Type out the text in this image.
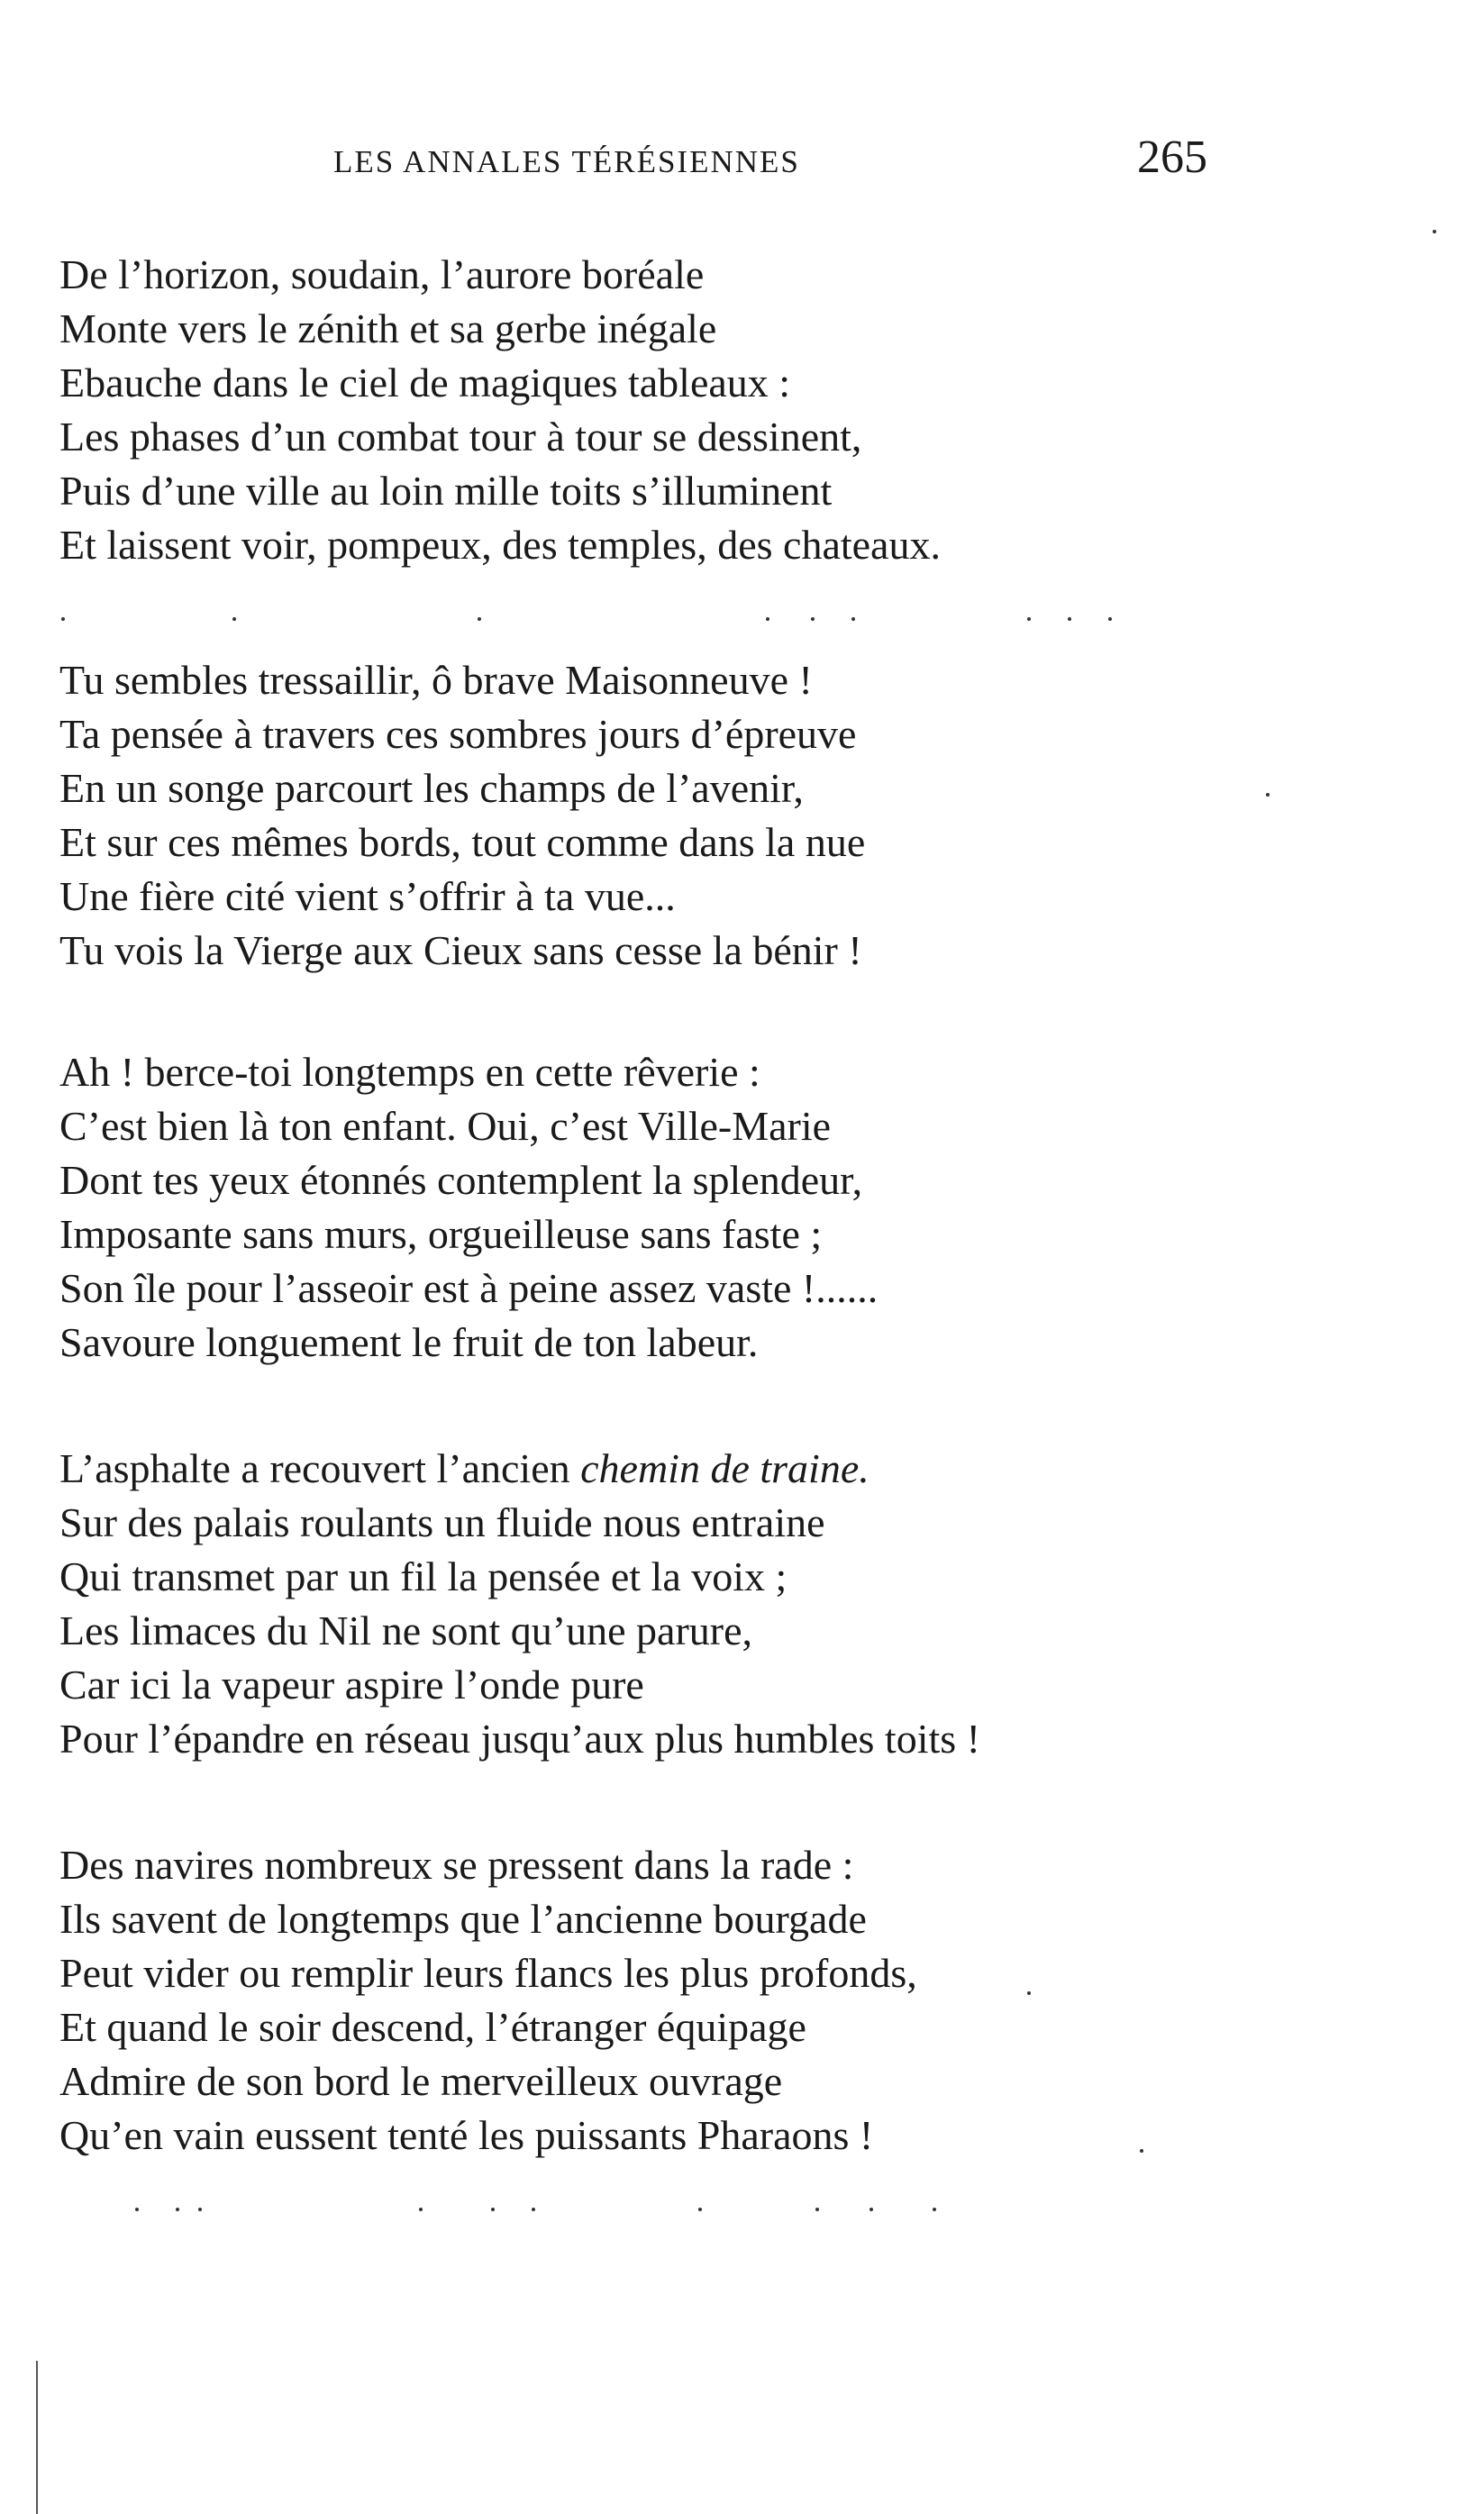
LES ANNALES TÉRÉSIENNES	265
De l’horizon, soudain, l’aurore boréale
Monte vers le zénith et sa gerbe inégale
Ebauche dans le ciel de magiques tableaux :
Les phases d’un combat tour à tour se dessinent,
Puis d’une ville au loin mille toits s’illuminent
Et laissent voir, pompeux, des temples, des chateaux.
Tu sembles tressaillir, ô brave Maisonneuve !
Ta pensée à travers ces sombres jours d’épreuve
En un songe parcourt les champs de l’avenir,
Et sur ces mêmes bords, tout comme dans la nue
Une fière cité vient s’offrir à ta vue...
Tu vois la Vierge aux Cieux sans cesse la bénir !
Ah ! berce-toi longtemps en cette rêverie :
C’est bien là ton enfant. Oui, c’est Ville-Marie
Dont tes yeux étonnés contemplent la splendeur,
Imposante sans murs, orgueilleuse sans faste ;
Son île pour l’asseoir est à peine assez vaste !......
Savoure longuement le fruit de ton labeur.
L’asphalte a recouvert l’ancien chemin de traine.
Sur des palais roulants un fluide nous entraine
Qui transmet par un fil la pensée et la voix ;
Les limaces du Nil ne sont qu’une parure,
Car ici la vapeur aspire l’onde pure
Pour l’épandre en réseau jusqu’aux plus humbles toits !
Des navires nombreux se pressent dans la rade :
Ils savent de longtemps que l’ancienne bourgade
Peut vider ou remplir leurs flancs les plus profonds,
Et quand le soir descend, l’étranger équipage
Admire de son bord le merveilleux ouvrage
Qu’en vain eussent tenté les puissants Pharaons !
